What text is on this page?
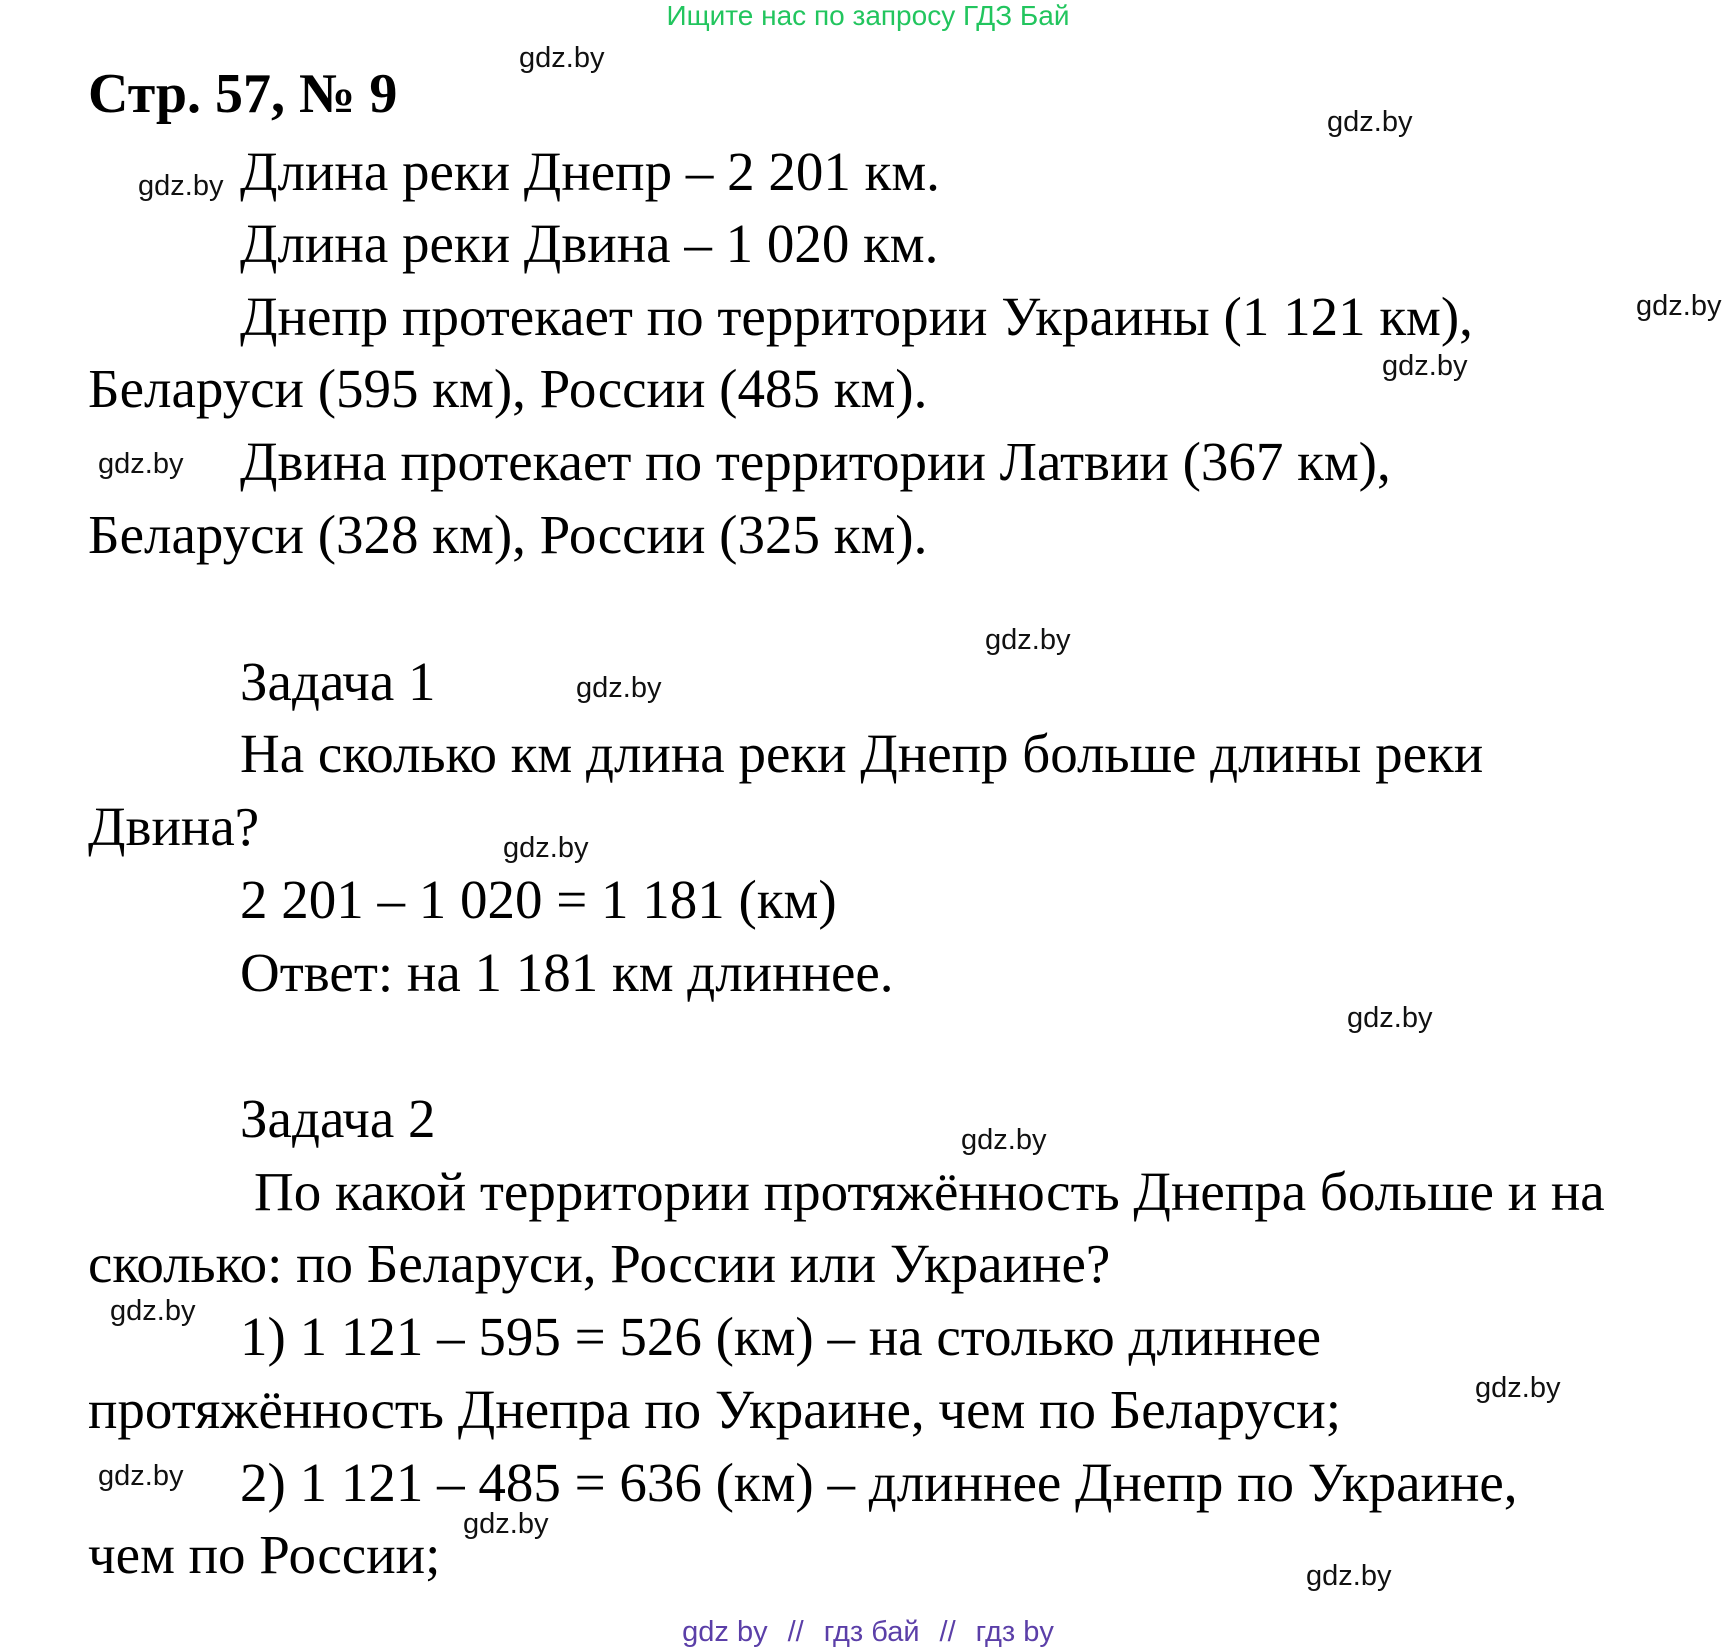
Ищите нас по запросу ГДЗ Бай
Стр. 57, № 9
Длина реки Днепр – 2 201 км.
Длина реки Двина – 1 020 км.
Днепр протекает по территории Украины (1 121 км),
Беларуси (595 км), России (485 км).
Двина протекает по территории Латвии (367 км),
Беларуси (328 км), России (325 км).
Задача 1
На сколько км длина реки Днепр больше длины реки
Двина?
2 201 – 1 020 = 1 181 (км)
Ответ: на 1 181 км длиннее.
Задача 2
По какой территории протяжённость Днепра больше и на
сколько: по Беларуси, России или Украине?
1) 1 121 – 595 = 526 (км) – на столько длиннее
протяжённость Днепра по Украине, чем по Беларуси;
2) 1 121 – 485 = 636 (км) – длиннее Днепр по Украине,
чем по России;
gdz.by
gdz.by
gdz.by
gdz.by
gdz.by
gdz.by
gdz.by
gdz.by
gdz.by
gdz.by
gdz.by
gdz.by
gdz.by
gdz.by
gdz.by
gdz.by
gdz by // гдз бай // гдз by
